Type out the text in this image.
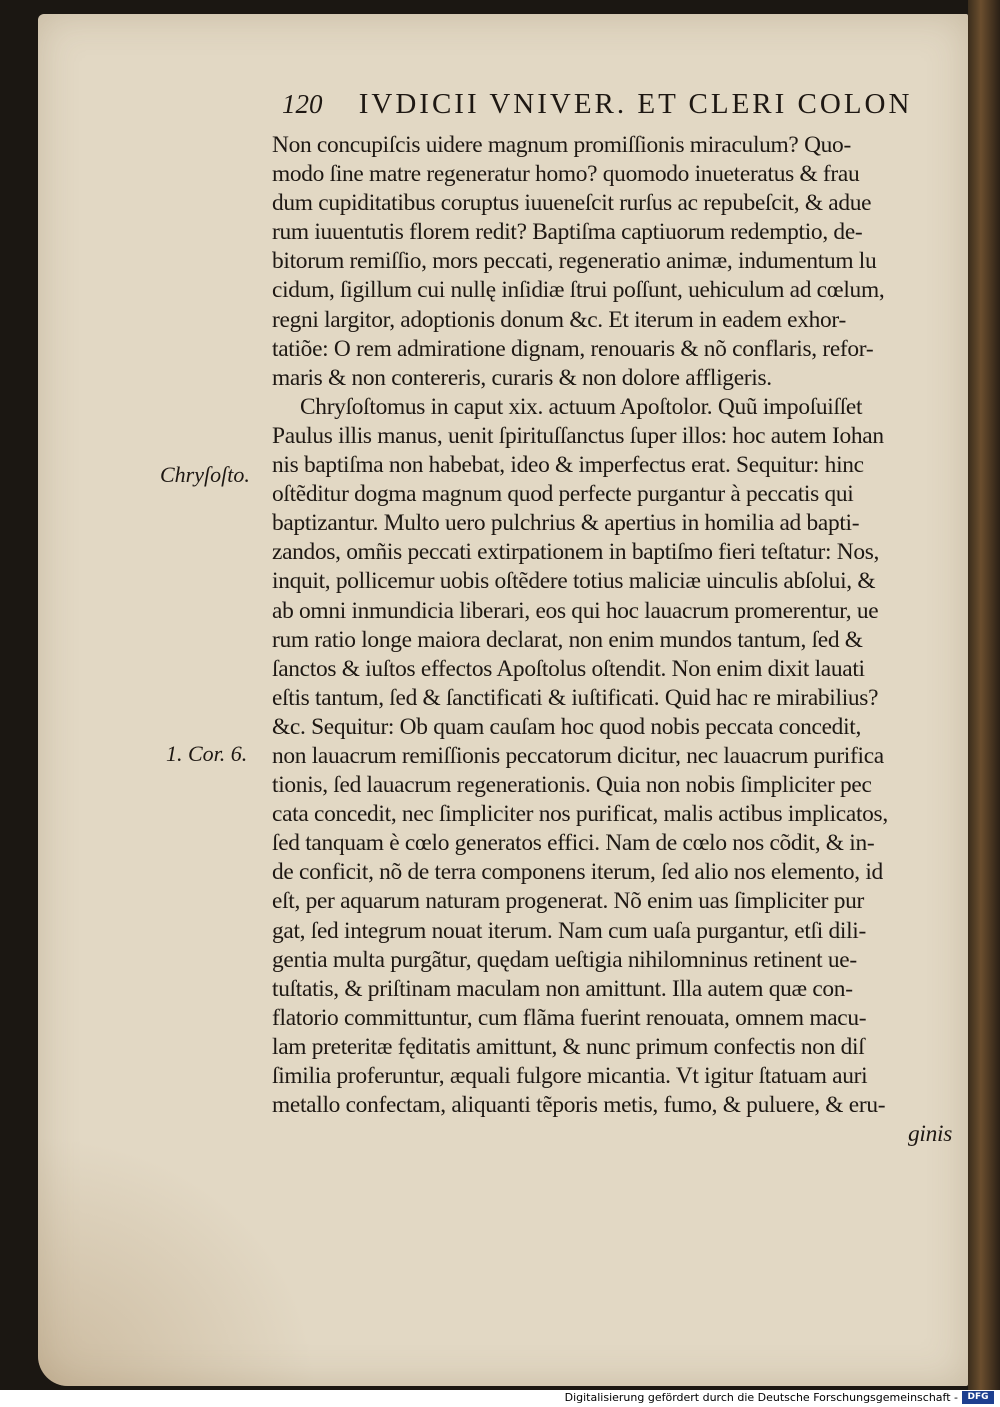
120 IVDICII VNIVER. ET CLERI COLON
Chryſoſto.
1. Cor. 6.
Non concupiſcis uidere magnum promiſſionis miraculum? Quo-
modo ſine matre regeneratur homo? quomodo inueteratus & frau
dum cupiditatibus coruptus iuueneſcit rurſus ac repubeſcit, & adue
rum iuuentutis florem redit? Baptiſma captiuorum redemptio, de-
bitorum remiſſio, mors peccati, regeneratio animæ, indumentum lu
cidum, ſigillum cui nullę inſidiæ ſtrui poſſunt, uehiculum ad cœlum,
regni largitor, adoptionis donum &c. Et iterum in eadem exhor-
tatiõe: O rem admiratione dignam, renouaris & nõ conflaris, refor-
maris & non contereris, curaris & non dolore affligeris.
Chryſoſtomus in caput xix. actuum Apoſtolor. Quũ impoſuiſſet
Paulus illis manus, uenit ſpirituſſanctus ſuper illos: hoc autem Iohan
nis baptiſma non habebat, ideo & imperfectus erat. Sequitur: hinc
oſtẽditur dogma magnum quod perfecte purgantur à peccatis qui
baptizantur. Multo uero pulchrius & apertius in homilia ad bapti-
zandos, omñis peccati extirpationem in baptiſmo fieri teſtatur: Nos,
inquit, pollicemur uobis oſtẽdere totius maliciæ uinculis abſolui, &
ab omni inmundicia liberari, eos qui hoc lauacrum promerentur, ue
rum ratio longe maiora declarat, non enim mundos tantum, ſed &
ſanctos & iuſtos effectos Apoſtolus oſtendit. Non enim dixit lauati
eſtis tantum, ſed & ſanctificati & iuſtificati. Quid hac re mirabilius?
&c. Sequitur: Ob quam cauſam hoc quod nobis peccata concedit,
non lauacrum remiſſionis peccatorum dicitur, nec lauacrum purifica
tionis, ſed lauacrum regenerationis. Quia non nobis ſimpliciter pec
cata concedit, nec ſimpliciter nos purificat, malis actibus implicatos,
ſed tanquam è cœlo generatos effici. Nam de cœlo nos cõdit, & in-
de conficit, nõ de terra componens iterum, ſed alio nos elemento, id
eſt, per aquarum naturam progenerat. Nõ enim uas ſimpliciter pur
gat, ſed integrum nouat iterum. Nam cum uaſa purgantur, etſi dili-
gentia multa purgãtur, quędam ueſtigia nihilomninus retinent ue-
tuſtatis, & priſtinam maculam non amittunt. Illa autem quæ con-
flatorio committuntur, cum flãma fuerint renouata, omnem macu-
lam preteritæ fęditatis amittunt, & nunc primum confectis non diſ
ſimilia proferuntur, æquali fulgore micantia. Vt igitur ſtatuam auri
metallo confectam, aliquanti tẽporis metis, fumo, & puluere, & eru-
ginis
Digitalisierung gefördert durch die Deutsche Forschungsgemeinschaft -	DFG
